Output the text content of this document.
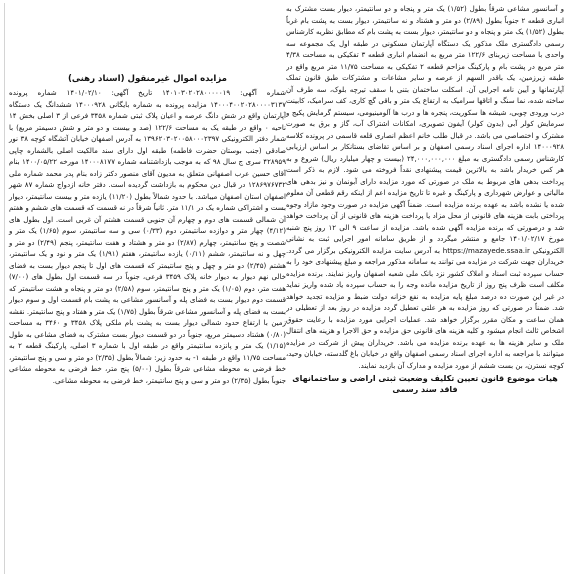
مزایده اموال غیرمنقول (اسناد رهنی)

شماره آگهی: ۱۴۰۱۰۳۰۲۰۲۸۰۰۰۰۰۱۹ تاریخ آگهی: ۱۴۰۱/۰۲/۱۰ شماره پرونده ۱۴۰۰۰۴۰۰۲۰۲۸۰۰۰۰۳۱۳۷ مزایده پرونده به شماره بایگانی ۱۴۰۰۰۹۲۸ ششدانگ یک دستگاه آپارتمان واقع در شش دانگ عرصه و اعیان پلاک ثبتی شماره ۳۴۵۸ فرعی از ۳ اصلی بخش ۱۴ ناحیه ۰ واقع در طبقه یک به مساحت ۱۲۲/۶ (صد و بیست و دو متر و شش دسیمتر مربع) با شمار دفتر الکترونیکی ۱۳۹۶۲۰۳۰۲۰۰۵۸۰۰۰۲۳۹۷ به آدرس اصفهان خیابان آتشگاه کوچه ۳۸ نور صادقی (جنب بوستان حضرت فاطمه) طبقه اول دارای سند مالکیت اصلی بالشماره چاپی ۴۲۸۹۵۹ سری ج سال ۹۸ که به موجب بازداشتنامه شماره ۱۴۰۰۰۸۱۷۷ مورخه ۱۴۰۰/۰۵/۲۲ بنام آقای حسین عرب اصفهانی متعلق به مدیون آقای منصور دکتر زاده بنام پدر محمد شماره ملی ۱۲۸۶۹۷۶۷۳۲ در قبال دین محکوم به بازداشت گردیده است. دفتر خانه ازدواج شماره ۸۷ شهر اصفهان استان اصفهان میباشد. با حدود شمالاً بطول (۱۱/۲۰) یازده متر و بیست سانتیمتر، دیوار بست و اشتراکی شماره یک در ۱۱/۱ متر. ثانیاً شرقاً در نه قسمت که قسمت های ششم و هفتم آن شمالی قسمت های دوم و چهارم آن جنوبی قسمت هشتم آن غربی است. اول بطول های (۴/۱۲) چهار متر و دوازده سانتیمتر، دوم (۰/۳۳) سی و سه سانتیمتر، سوم (۱/۶۵) یک متر و شصت و پنج سانتیمتر، چهارم (۲/۸۷) دو متر و هشتاد و هفت سانتیمتر، پنجم (۲/۴۹) دو متر و چهل و نه سانتیمتر، ششم (۰/۱۱) یازده سانتیمتر، هفتم (۱/۹۱) یک متر و نود و یک سانتیمتر، هشتم (۲/۴۵) دو متر و چهل و پنج سانتیمتر که قسمت های اول تا پنجم دیوار بست به فضای خالی نهم دیوار به دیوار خانه پلاک ۳۴۵۹ فرعی، جنوباً در سه قسمت اول بطول های (۷/۰۰) هفت متر، دوم (۱/۰۵) یک متر و پنج سانتیمتر، سوم (۲/۵۸) دو متر و پنجاه و هشت سانتیمتر که قسمت دوم دیوار بست به فضای پله و آسانسور مشاعی به پشت بام قسمت اول و سوم دیوار بست به فضای پله و آسانسور مشاعی شرقاً بطول (۱/۷۵) یک متر و هفتاد و پنج سانتیمتر. نقشه زمین با ارتفاع حدود شمالی دیوار بست به پشت بام ملکی پلاک ۳۴۵۸ و ۳۴۶۰ به مساحت (۰/۸۰) هشتاد دسیمتر مربع، جنوباً در دو قسمت دیوار بست مشترک به فضای مشاعی به طول (۱/۱۵) یک متر و پانزده سانتیمتر واقع در طبقه اول با شماره ۳ اصلی، پارکینگ قطعه ۲ به مساحت ۱۱/۷۵ واقع در طبقه ۱- به حدود زیر: شمالاً بطول (۲/۳۵) دو متر و سی و پنج سانتیمتر، خط فرضی به محوطه مشاعی شرقاً بطول (۵/۰۰) پنج متر، خط فرضی به محوطه مشاعی جنوباً بطول (۲/۳۵) دو متر و سی و پنج سانتیمتر، خط فرضی به محوطه مشاعی.

و آسانسور مشاعی شرقاً بطول (۱/۵۲) یک متر و پنجاه و دو سانتیمتر، دیوار بست مشترک به انباری قطعه ۲ جنوباً بطول (۲/۸۹) دو متر و هشتاد و نه سانتیمتر، دیوار بست به پشت بام غرباً بطول (۱/۵۲) یک متر و پنجاه و دو سانتیمتر، دیوار بست به پشت بام که مطابق نظریه کارشناس رسمی دادگستری ملک مذکور یک دستگاه آپارتمان مسکونی در طبقه اول یک مجموعه سه واحدی با مساحت زیربنای ۱۲۲/۶ متر مربع به انضمام انباری قطعه ۳ تفکیکی به مساحت ۴/۳۸ متر مربع در پشت بام و پارکینگ مزاحم قطعه ۲ تفکیکی به مساحت ۱۱/۷۵ متر مربع واقع در طبقه زیرزمین، یک باقدر السهم از عرصه و سایر مشاعات و مشترکات طبق قانون تملک آپارتمانها و آیین نامه اجرایی آن. اسکلت ساختمان بتنی با سقف تیرچه بلوک، سه طرف آن ساخته شده، نما سنگ و اتاقها سرامیک به ارتفاع یک متر و باقی گچ کاری، کف سرامیک، کابینت درب ورودی چوبی، شیشه ها سکوریت، پنجره ها و درب ها آلومینیومی، سیستم گرمایش پکیج و سرمایش کولر آبی (بدون کولر) آیفون تصویری، امکانات اشتراک آب، گاز و برق به صورت مشترک و اختصاصی می باشد. در قبال طلب خانم اعظم انصاری قلعه قاسمی در پرونده کلاسه ۱۴۰۰۰۹۲۸ اداره اجرای اسناد رسمی اصفهان و بر اساس تقاضای بستانکار بر اساس ارزیابی کارشناس رسمی دادگستری به مبلغ ۲۴,۰۰۰,۰۰۰,۰۰۰ (بیست و چهار میلیارد ریال) شروع و به هر کس خریدار باشد به بالاترین قیمت پیشنهادی نقداً فروخته می شود. لازم به ذکر است پرداخت بدهی های مربوط به ملک در صورتی که مورد مزایده دارای آبونمان و نیز بدهی های مالیاتی و عوارض شهرداری و پارکینگ و غیره تا تاریخ مزایده اعم از اینکه رقم قطعی آن معلوم شده یا نشده باشد به عهده برنده مزایده است. ضمناً آگهی مزایده در صورت وجود مازاد وجوه پرداختی بابت هزینه های قانونی از محل مزاد یا پرداخت هزینه های قانونی از آن پرداخت خواهد شد و درصورتی که برنده مزایده آگهی شده باشد. مزایده از ساعت ۹ الی ۱۲ روز پنج شنبه مورخ ۱۴۰۱/۰۲/۱۷ جامع و منتشر میگردد و از طریق سامانه امور اجرایی ثبت به نشانی الکترونیکی https://mazayede.ssaa.ir به آدرس سایت مزایده الکترونیکی برگزار می گردد. خریداران جهت شرکت در مزایده می توانند به سامانه مذکور مراجعه و مبلغ پیشنهادی خود را به حساب سپرده ثبت اسناد و املاک کشور نزد بانک ملی شعبه اصفهان واریز نمایند. برنده مزایده مکلف است ظرف پنج روز از تاریخ مزایده مانده وجه را به حساب سپرده یاد شده واریز نماید در غیر این صورت ده درصد مبلغ پایه مزایده به نفع خزانه دولت ضبط و مزایده تجدید خواهد شد. ضمناً در صورتی که روز مزایده به هر علتی تعطیل گردد مزایده در روز بعد از تعطیلی در همان ساعت و مکان مقرر برگزار خواهد شد. عملیات اجرایی مورد مزایده با رعایت حقوق اشخاص ثالث انجام میشود و کلیه هزینه های قانونی حق مزایده و حق الاجرا و هزینه های انتقال ملک و سایر هزینه ها به عهده برنده مزایده می باشد. خریداران پیش از شرکت در مزایده میتوانند با مراجعه به اداره اجرای اسناد رسمی اصفهان واقع در خیابان باغ گلدسته، خیابان وحید، کوچه نسترن، بن بست ششم از مورد مزایده و مدارک آن بازدید نمایند.

هیات موضوع قانون تعیین تکلیف وضعیت ثبتی اراضی و ساختمانهای فاقد سند رسمی
